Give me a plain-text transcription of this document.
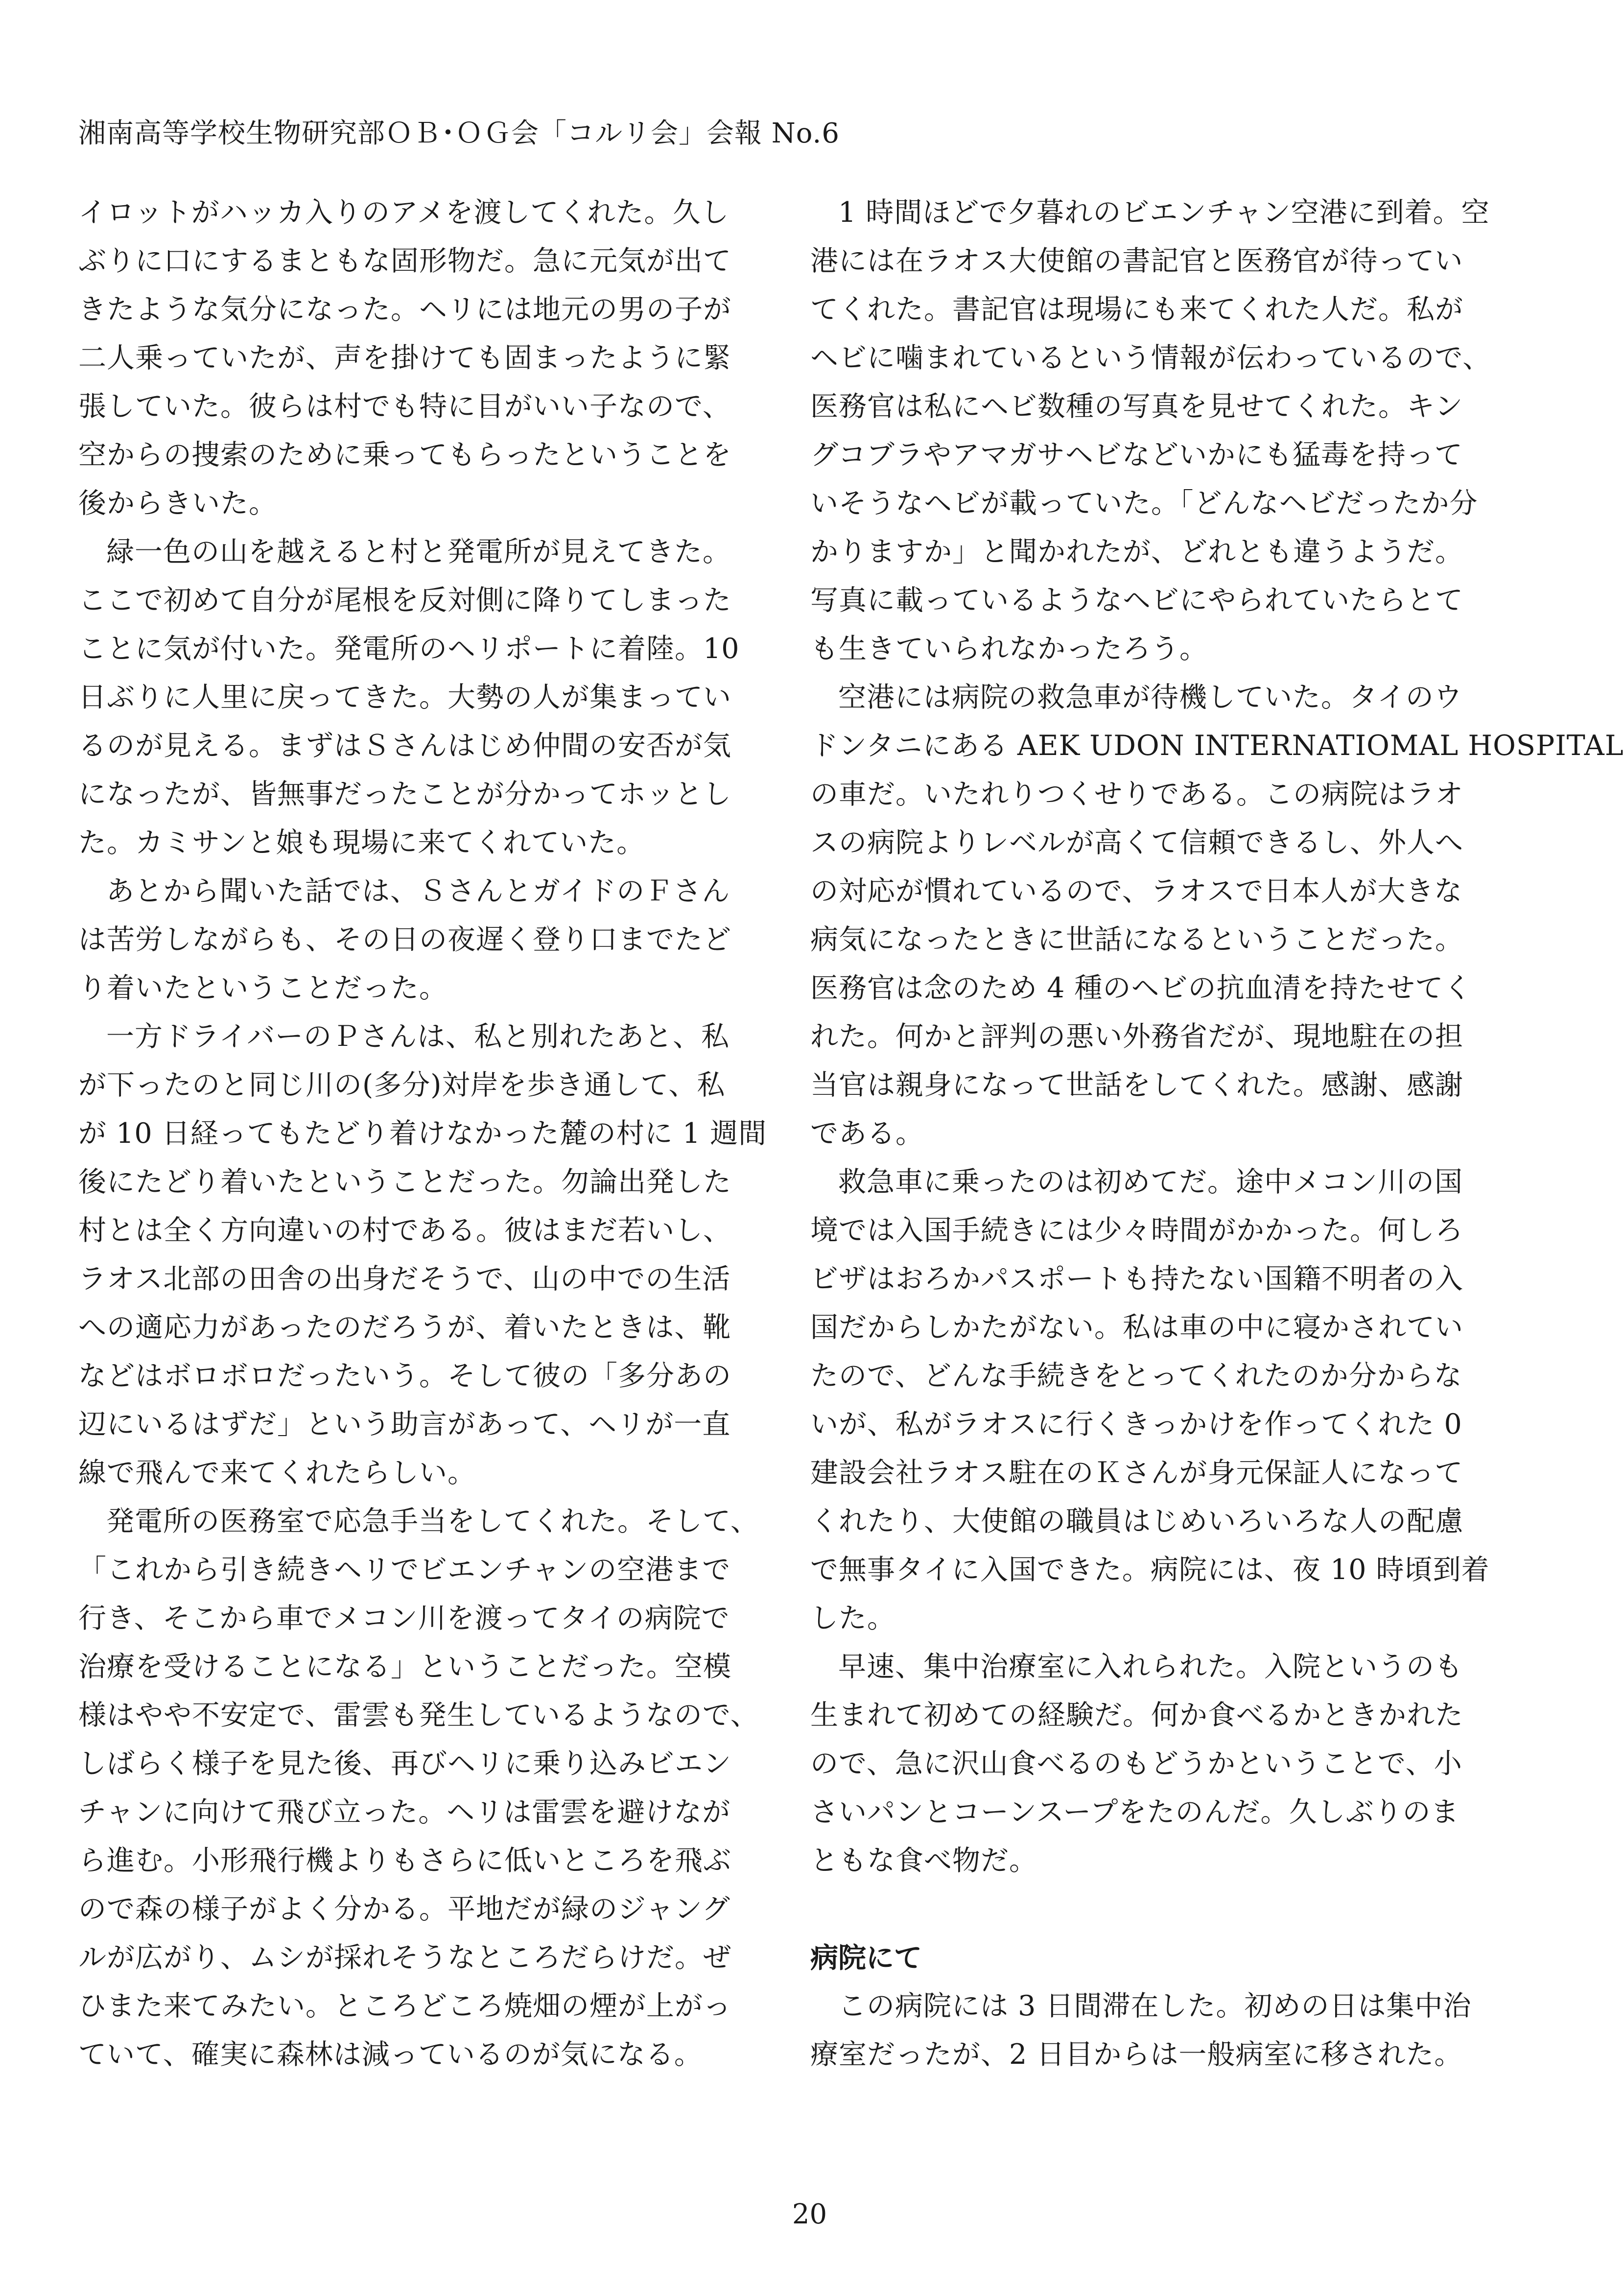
湘南高等学校生物研究部ＯＢ･ＯＧ会「コルリ会」会報 No.6
イロットがハッカ入りのアメを渡してくれた。久し
ぶりに口にするまともな固形物だ。急に元気が出て
きたような気分になった。ヘリには地元の男の子が
二人乗っていたが、声を掛けても固まったように緊
張していた。彼らは村でも特に目がいい子なので、
空からの捜索のために乗ってもらったということを
後からきいた。
緑一色の山を越えると村と発電所が見えてきた。
ここで初めて自分が尾根を反対側に降りてしまった
ことに気が付いた。発電所のヘリポートに着陸。10
日ぶりに人里に戻ってきた。大勢の人が集まってい
るのが見える。まずはＳさんはじめ仲間の安否が気
になったが、皆無事だったことが分かってホッとし
た。カミサンと娘も現場に来てくれていた。
あとから聞いた話では、ＳさんとガイドのＦさん
は苦労しながらも、その日の夜遅く登り口までたど
り着いたということだった。
一方ドライバーのＰさんは、私と別れたあと、私
が下ったのと同じ川の(多分)対岸を歩き通して、私
が 10 日経ってもたどり着けなかった麓の村に 1 週間
後にたどり着いたということだった。勿論出発した
村とは全く方向違いの村である。彼はまだ若いし、
ラオス北部の田舎の出身だそうで、山の中での生活
への適応力があったのだろうが、着いたときは、靴
などはボロボロだったいう。そして彼の「多分あの
辺にいるはずだ」という助言があって、ヘリが一直
線で飛んで来てくれたらしい。
発電所の医務室で応急手当をしてくれた。そして、
「これから引き続きヘリでビエンチャンの空港まで
行き、そこから車でメコン川を渡ってタイの病院で
治療を受けることになる」ということだった。空模
様はやや不安定で、雷雲も発生しているようなので、
しばらく様子を見た後、再びヘリに乗り込みビエン
チャンに向けて飛び立った。ヘリは雷雲を避けなが
ら進む。小形飛行機よりもさらに低いところを飛ぶ
ので森の様子がよく分かる。平地だが緑のジャング
ルが広がり、ムシが採れそうなところだらけだ。ぜ
ひまた来てみたい。ところどころ焼畑の煙が上がっ
ていて、確実に森林は減っているのが気になる。
1 時間ほどで夕暮れのビエンチャン空港に到着。空
港には在ラオス大使館の書記官と医務官が待ってい
てくれた。書記官は現場にも来てくれた人だ。私が
ヘビに噛まれているという情報が伝わっているので、
医務官は私にヘビ数種の写真を見せてくれた。キン
グコブラやアマガサヘビなどいかにも猛毒を持って
いそうなヘビが載っていた。「どんなヘビだったか分
かりますか」と聞かれたが、どれとも違うようだ。
写真に載っているようなヘビにやられていたらとて
も生きていられなかったろう。
空港には病院の救急車が待機していた。タイのウ
ドンタニにある AEK UDON INTERNATIOMAL HOSPITAL
の車だ。いたれりつくせりである。この病院はラオ
スの病院よりレベルが高くて信頼できるし、外人へ
の対応が慣れているので、ラオスで日本人が大きな
病気になったときに世話になるということだった。
医務官は念のため 4 種のヘビの抗血清を持たせてく
れた。何かと評判の悪い外務省だが、現地駐在の担
当官は親身になって世話をしてくれた。感謝、感謝
である。
救急車に乗ったのは初めてだ。途中メコン川の国
境では入国手続きには少々時間がかかった。何しろ
ビザはおろかパスポートも持たない国籍不明者の入
国だからしかたがない。私は車の中に寝かされてい
たので、どんな手続きをとってくれたのか分からな
いが、私がラオスに行くきっかけを作ってくれた 0
建設会社ラオス駐在のＫさんが身元保証人になって
くれたり、大使館の職員はじめいろいろな人の配慮
で無事タイに入国できた。病院には、夜 10 時頃到着
した。
早速、集中治療室に入れられた。入院というのも
生まれて初めての経験だ。何か食べるかときかれた
ので、急に沢山食べるのもどうかということで、小
さいパンとコーンスープをたのんだ。久しぶりのま
ともな食べ物だ。
病院にて
この病院には 3 日間滞在した。初めの日は集中治
療室だったが、2 日目からは一般病室に移された。
20
